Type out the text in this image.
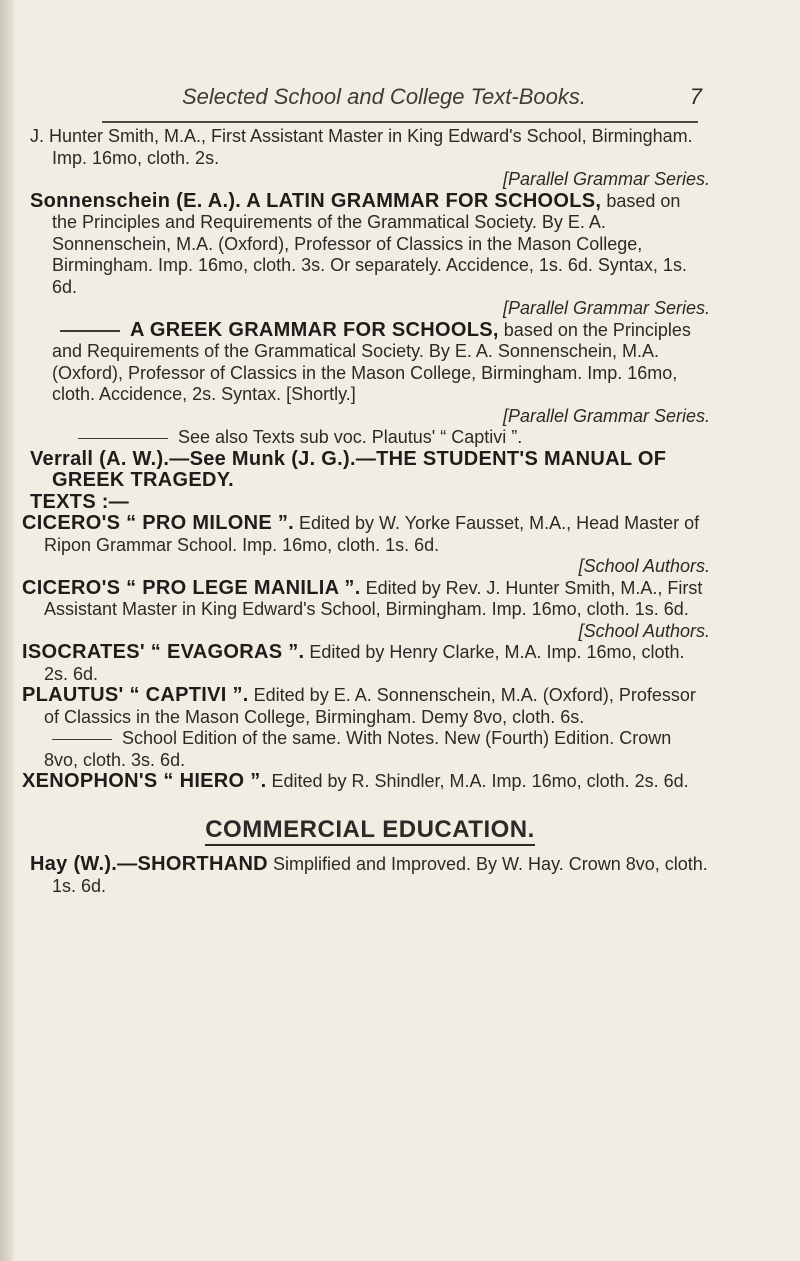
Selected School and College Text-Books.	7

J. Hunter Smith, M.A., First Assistant Master in King Edward's School, Birmingham. Imp. 16mo, cloth. 2s.

[Parallel Grammar Series.

Sonnenschein (E. A.). A LATIN GRAMMAR FOR SCHOOLS, based on the Principles and Requirements of the Grammatical Society. By E. A. Sonnenschein, M.A. (Oxford), Professor of Classics in the Mason College, Birmingham. Imp. 16mo, cloth. 3s. Or separately. Accidence, 1s. 6d. Syntax, 1s. 6d.

[Parallel Grammar Series.

A GREEK GRAMMAR FOR SCHOOLS, based on the Principles and Requirements of the Grammatical Society. By E. A. Sonnenschein, M.A. (Oxford), Professor of Classics in the Mason College, Birmingham. Imp. 16mo, cloth. Accidence, 2s. Syntax. [Shortly.]

[Parallel Grammar Series.

See also Texts sub voc. Plautus' “ Captivi ”.

Verrall (A. W.).—See Munk (J. G.).—THE STUDENT'S MANUAL OF GREEK TRAGEDY.

TEXTS :—

CICERO'S “ PRO MILONE ”. Edited by W. Yorke Fausset, M.A., Head Master of Ripon Grammar School. Imp. 16mo, cloth. 1s. 6d.

[School Authors.

CICERO'S “ PRO LEGE MANILIA ”. Edited by Rev. J. Hunter Smith, M.A., First Assistant Master in King Edward's School, Birmingham. Imp. 16mo, cloth. 1s. 6d.

[School Authors.

ISOCRATES' “ EVAGORAS ”. Edited by Henry Clarke, M.A. Imp. 16mo, cloth. 2s. 6d.

PLAUTUS' “ CAPTIVI ”. Edited by E. A. Sonnenschein, M.A. (Oxford), Professor of Classics in the Mason College, Birmingham. Demy 8vo, cloth. 6s.

School Edition of the same. With Notes. New (Fourth) Edition. Crown 8vo, cloth. 3s. 6d.

XENOPHON'S “ HIERO ”. Edited by R. Shindler, M.A. Imp. 16mo, cloth. 2s. 6d.

COMMERCIAL EDUCATION.

Hay (W.).—SHORTHAND Simplified and Improved. By W. Hay. Crown 8vo, cloth. 1s. 6d.
